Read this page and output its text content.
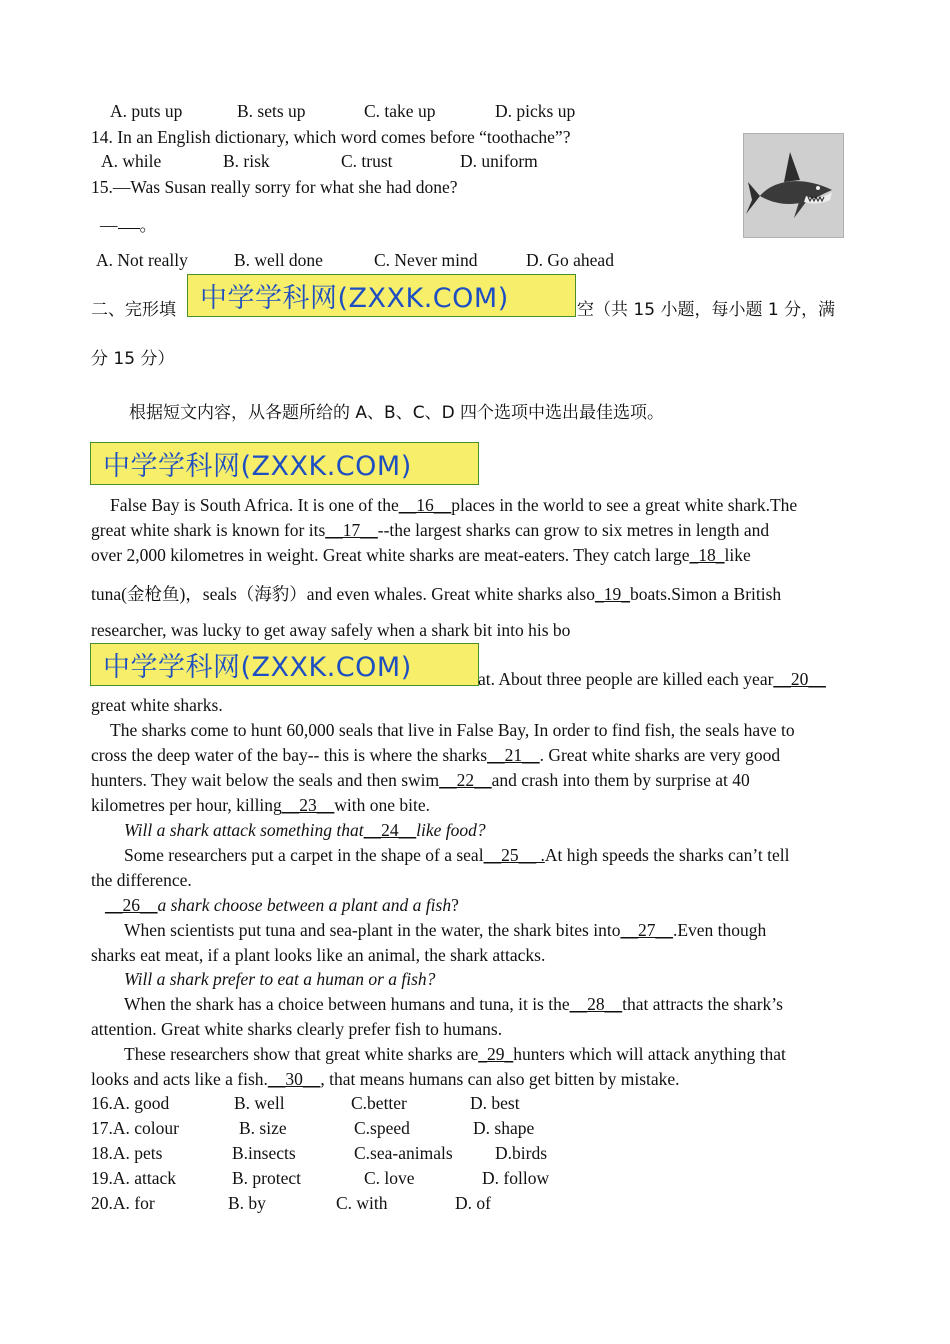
A. puts up	B. sets up	C. take up	D. picks up
14. In an English dictionary, which word comes before “toothache”?
A. while	B. risk	C. trust	D. uniform
15.—Was Susan really sorry for what she had done?
— 。
A. Not really	B. well done	C. Never mind	D. Go ahead
二、完形填 中学学科网(ZXXK.COM)	空（共 15 小题，每小题 1 分，满
分 15 分）
根据短文内容，从各题所给的 A、B、C、D 四个选项中选出最佳选项。
中学学科网(ZXXK.COM)
False Bay is South Africa. It is one of the__16__places in the world to see a great white shark.The
great white shark is known for its__17__--the largest sharks can grow to six metres in length and
over 2,000 kilometres in weight. Great white sharks are meat-eaters. They catch large_18_like
tuna(金枪鱼)，seals（海豹）and even whales. Great white sharks also_19_boats.Simon a British
researcher, was lucky to get away safely when a shark bit into his bo
中学学科网(ZXXK.COM)	at. About three people are killed each year__20__
great white sharks.
The sharks come to hunt 60,000 seals that live in False Bay, In order to find fish, the seals have to
cross the deep water of the bay-- this is where the sharks__21__. Great white sharks are very good
hunters. They wait below the seals and then swim__22__and crash into them by surprise at 40
kilometres per hour, killing__23__with one bite.
Will a shark attack something that__24__like food?
Some researchers put a carpet in the shape of a seal__25__ .At high speeds the sharks can’t tell
the difference.
__26__a shark choose between a plant and a fish?
When scientists put tuna and sea-plant in the water, the shark bites into__27__.Even though
sharks eat meat, if a plant looks like an animal, the shark attacks.
Will a shark prefer to eat a human or a fish?
When the shark has a choice between humans and tuna, it is the__28__that attracts the shark’s
attention. Great white sharks clearly prefer fish to humans.
These researchers show that great white sharks are_29_hunters which will attack anything that
looks and acts like a fish.__30__, that means humans can also get bitten by mistake.
16.A. good	B. well	C.better	D. best
17.A. colour	B. size	C.speed	D. shape
18.A. pets	B.insects	C.sea-animals D.birds
19.A. attack	B. protect	C. love	D. follow
20.A. for	B. by	C. with	D. of
